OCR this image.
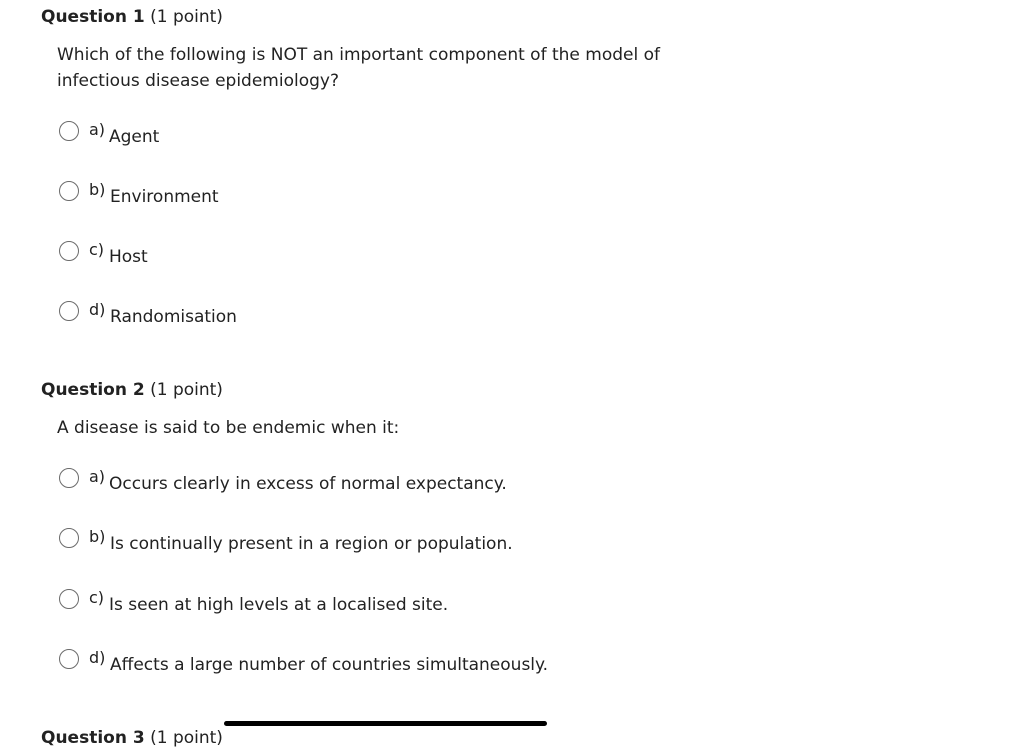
Question 1 (1 point)
Which of the following is NOT an important component of the model of infectious disease epidemiology?
a) Agent
b) Environment
c) Host
d) Randomisation
Question 2 (1 point)
A disease is said to be endemic when it:
a) Occurs clearly in excess of normal expectancy.
b) Is continually present in a region or population.
c) Is seen at high levels at a localised site.
d) Affects a large number of countries simultaneously.
Question 3 (1 point)
